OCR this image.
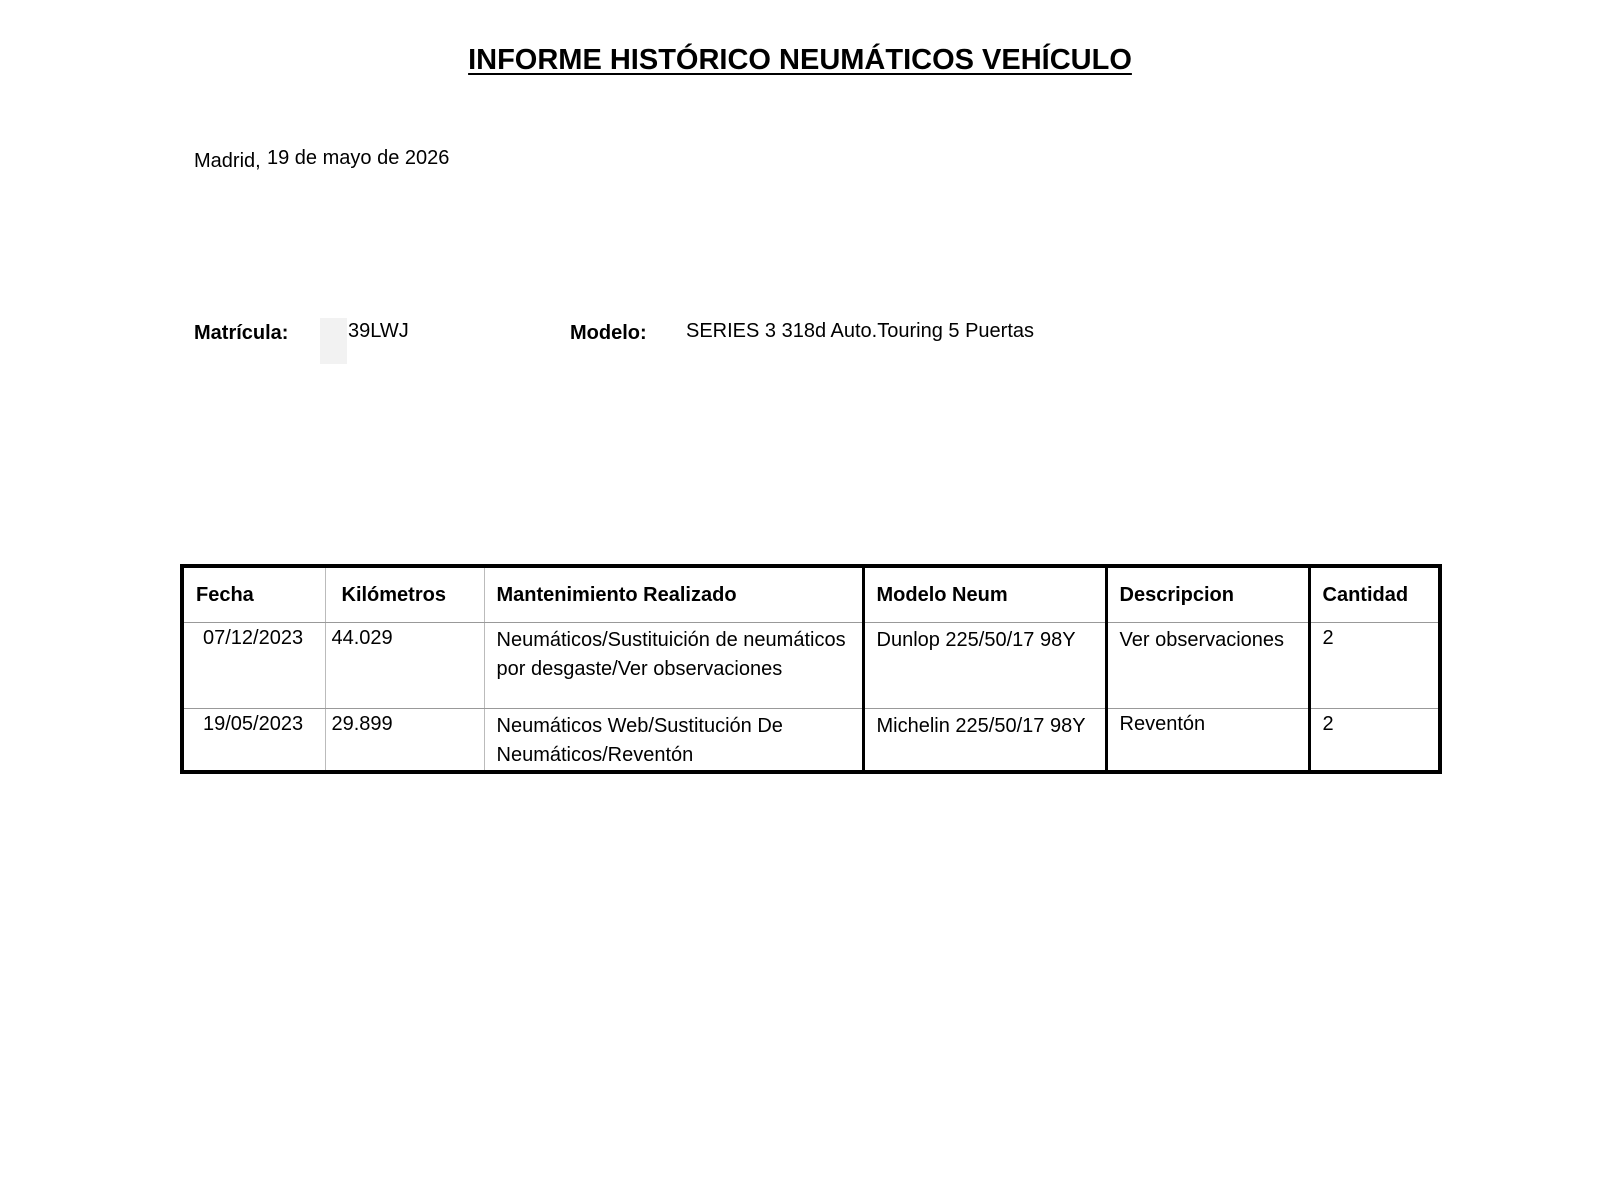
INFORME HISTÓRICO NEUMÁTICOS VEHÍCULO
Madrid, 19 de mayo de 2026
Matrícula:	39LWJ	Modelo: SERIES 3 318d Auto.Touring 5 Puertas
Fecha	Kilómetros	Mantenimiento Realizado	Modelo Neum	Descripcion	Cantidad
07/12/2023	44.029	Neumáticos/Sustituición de neumáticos por desgaste/Ver observaciones	Dunlop 225/50/17 98Y	Ver observaciones	2
19/05/2023	29.899	Neumáticos Web/Sustitución De Neumáticos/Reventón	Michelin 225/50/17 98Y	Reventón	2
